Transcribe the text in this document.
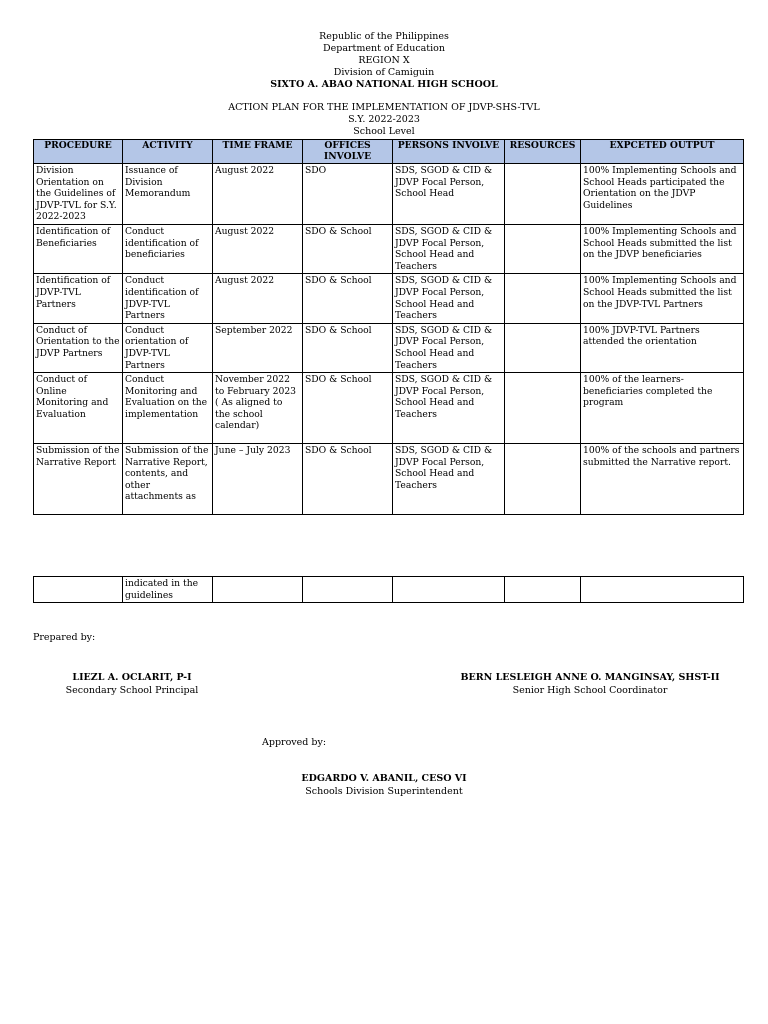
Republic of the Philippines
Department of Education
REGION X
Division of Camiguin
SIXTO A. ABAO NATIONAL HIGH SCHOOL
ACTION PLAN FOR THE IMPLEMENTATION OF JDVP-SHS-TVL
S.Y. 2022-2023
School Level
PROCEDURE	ACTIVITY	TIME FRAME	OFFICES INVOLVE	PERSONS INVOLVE	RESOURCES	EXPCETED OUTPUT
Division Orientation on the Guidelines of JDVP-TVL for S.Y. 2022-2023	Issuance of Division Memorandum	August 2022	SDO	SDS, SGOD & CID & JDVP Focal Person, School Head		100% Implementing Schools and School Heads participated the Orientation on the JDVP Guidelines
Identification of Beneficiaries	Conduct identification of beneficiaries	August 2022	SDO & School	SDS, SGOD & CID & JDVP Focal Person, School Head and Teachers		100% Implementing Schools and School Heads submitted the list on the JDVP beneficiaries
Identification of JDVP-TVL Partners	Conduct identification of JDVP-TVL Partners	August 2022	SDO & School	SDS, SGOD & CID & JDVP Focal Person, School Head and Teachers		100% Implementing Schools and School Heads submitted the list on the JDVP-TVL Partners
Conduct of Orientation to the JDVP Partners	Conduct orientation of JDVP-TVL Partners	September 2022	SDO & School	SDS, SGOD & CID & JDVP Focal Person, School Head and Teachers		100% JDVP-TVL Partners attended the orientation
Conduct of Online Monitoring and Evaluation	Conduct Monitoring and Evaluation on the implementation	November 2022 to February 2023 ( As aligned to the school calendar)	SDO & School	SDS, SGOD & CID & JDVP Focal Person, School Head and Teachers		100% of the learners-beneficiaries completed the program
Submission of the Narrative Report	Submission of the Narrative Report, contents, and other attachments as	June – July 2023	SDO & School	SDS, SGOD & CID & JDVP Focal Person, School Head and Teachers		100% of the schools and partners submitted the Narrative report.
	indicated in the guidelines					
Prepared by:
LIEZL A. OCLARIT, P-I
Secondary School Principal
BERN LESLEIGH ANNE O. MANGINSAY, SHST-II
Senior High School Coordinator
Approved by:
EDGARDO V. ABANIL, CESO VI
Schools Division Superintendent
